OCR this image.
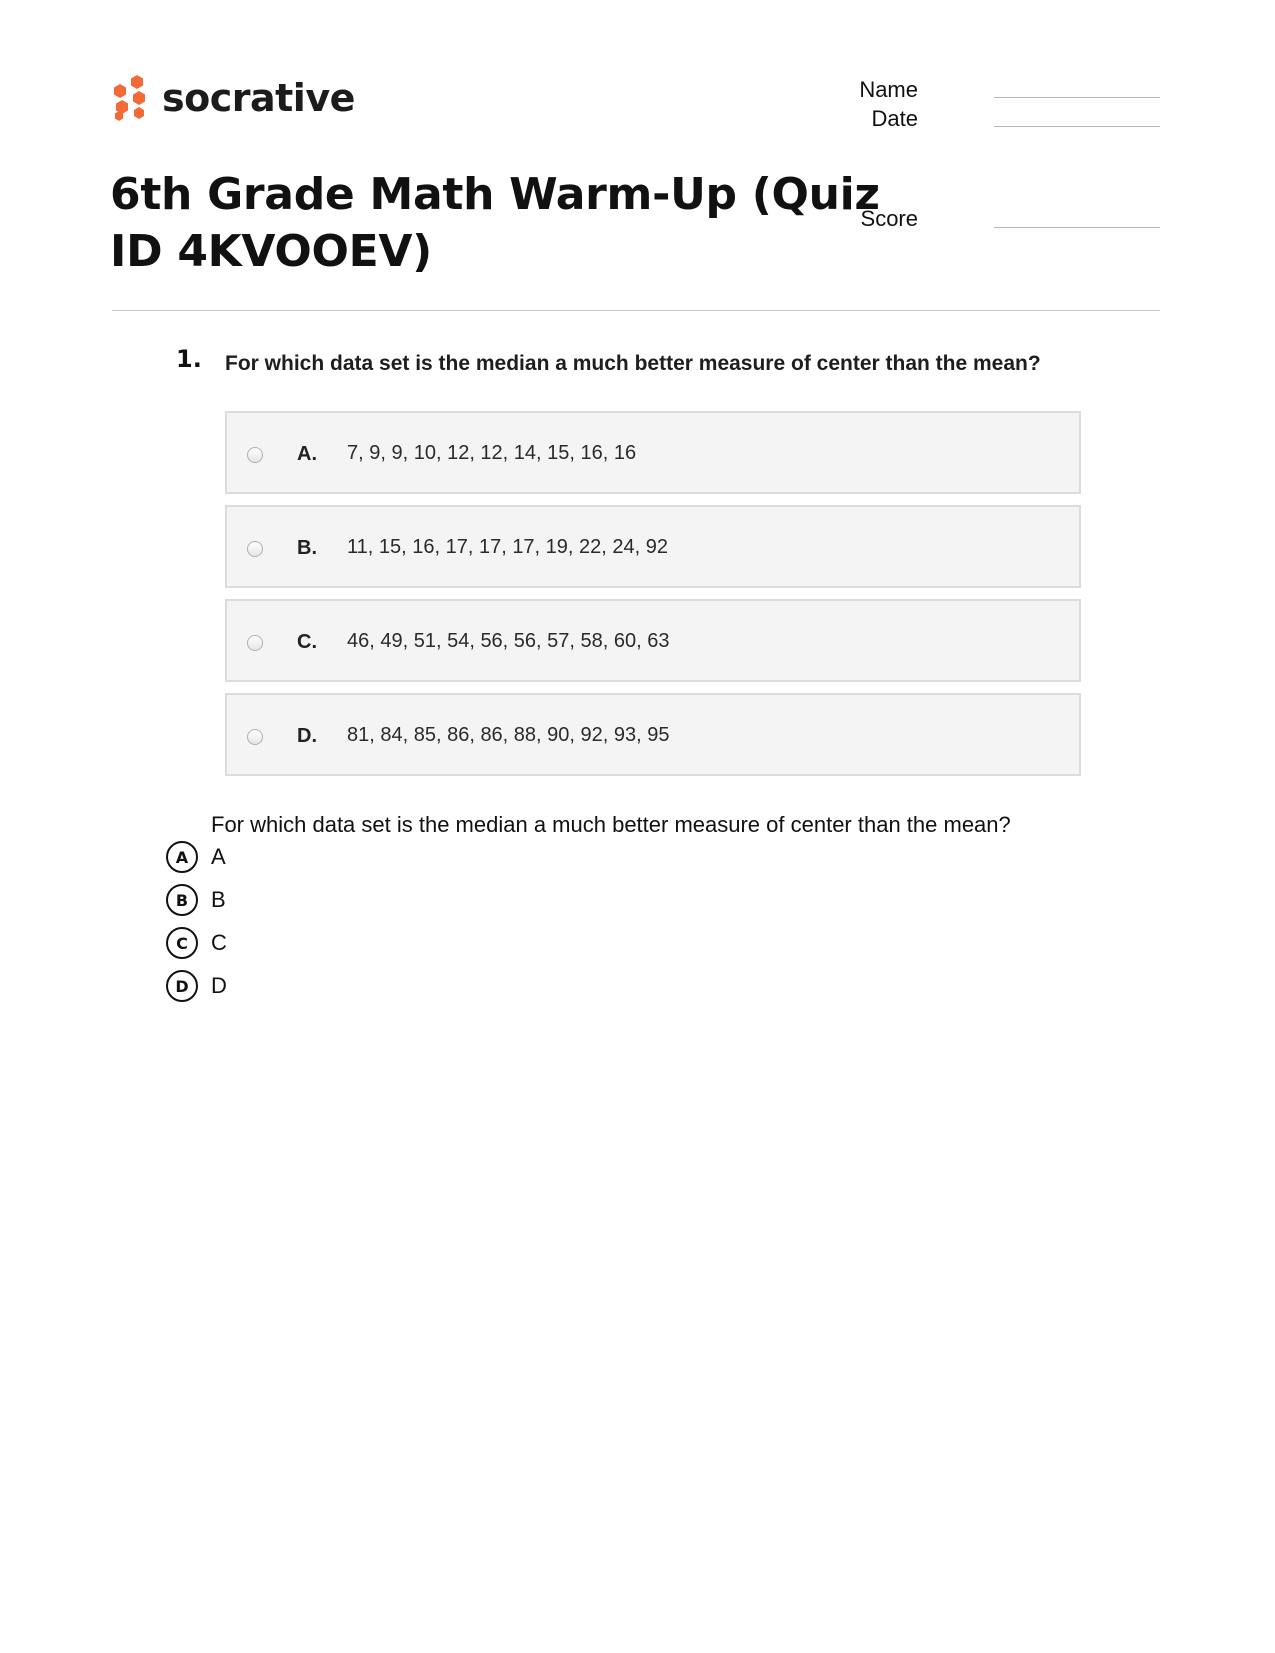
socrative	Name
Date
Score
6th Grade Math Warm-Up (Quiz ID 4KVOOEV)
1. For which data set is the median a much better measure of center than the mean?
A. 7, 9, 9, 10, 12, 12, 14, 15, 16, 16
B. 11, 15, 16, 17, 17, 17, 19, 22, 24, 92
C. 46, 49, 51, 54, 56, 56, 57, 58, 60, 63
D. 81, 84, 85, 86, 86, 88, 90, 92, 93, 95
For which data set is the median a much better measure of center than the mean?
A	A
B	B
C	C
D	D
